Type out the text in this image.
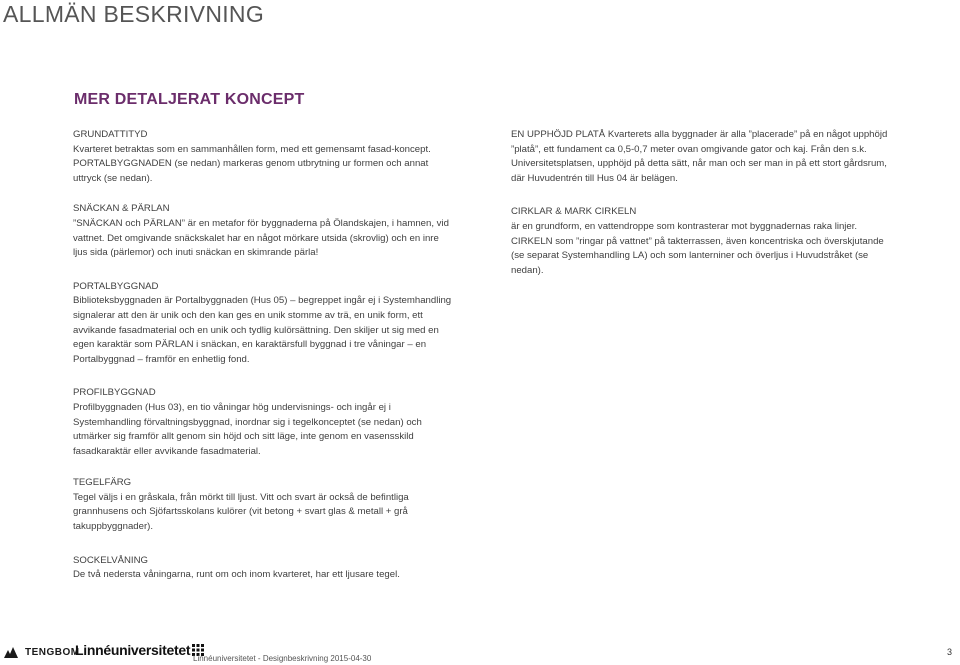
ALLMÄN BESKRIVNING
MER DETALJERAT KONCEPT
GRUNDATTITYD

Kvarteret betraktas som en sammanhållen form, med ett gemensamt fasad-koncept. PORTALBYGGNADEN (se nedan) markeras genom utbrytning ur formen och annat uttryck (se nedan).

SNÄCKAN & PÄRLAN

”SNÄCKAN och PÄRLAN” är en metafor för byggnaderna på Ölandskajen, i hamnen, vid vattnet. Det omgivande snäckskalet har en något mörkare utsida (skrovlig) och en inre ljus sida (pärlemor) och inuti snäckan en skimrande pärla!

PORTALBYGGNAD

Biblioteksbyggnaden är Portalbyggnaden (Hus 05) – begreppet ingår ej i Systemhandling signalerar att den är unik och den kan ges en unik stomme av trä, en unik form, ett avvikande fasadmaterial och en unik och tydlig kulörsättning. Den skiljer ut sig med en egen karaktär som PÄRLAN i snäckan, en karaktärsfull byggnad i tre våningar – en Portalbyggnad – framför en enhetlig fond.

PROFILBYGGNAD

Profilbyggnaden (Hus 03), en tio våningar hög undervisnings- och ingår ej i Systemhandling förvaltningsbyggnad, inordnar sig i tegelkonceptet (se nedan) och utmärker sig framför allt genom sin höjd och sitt läge, inte genom en vasensskild fasadkaraktär eller avvikande fasadmaterial.

TEGELFÄRG

Tegel väljs i en gråskala, från mörkt till ljust. Vitt och svart är också de befintliga grannhusens och Sjöfartsskolans kulörer (vit betong + svart glas & metall + grå takuppbyggnader).

SOCKELVÅNING

De två nedersta våningarna, runt om och inom kvarteret, har ett ljusare tegel.

EN UPPHÖJD PLATÅ Kvarterets alla byggnader är alla ”placerade” på en något upphöjd ”platå”, ett fundament ca 0,5-0,7 meter ovan omgivande gator och kaj. Från den s.k. Universitetsplatsen, upphöjd på detta sätt, når man och ser man in på ett stort gårdsrum, där Huvudentrén till Hus 04 är belägen.

CIRKLAR & MARK CIRKELN

är en grundform, en vattendroppe som kontrasterar mot byggnadernas raka linjer. CIRKELN som ”ringar på vattnet” på takterrassen, även koncentriska och överskjutande (se separat Systemhandling LA) och som lanterniner och överljus i Huvudstråket (se nedan).

TENGBOM
Linnéuniversitetet
Linnéuniversitetet - Designbeskrivning 2015-04-30
3
